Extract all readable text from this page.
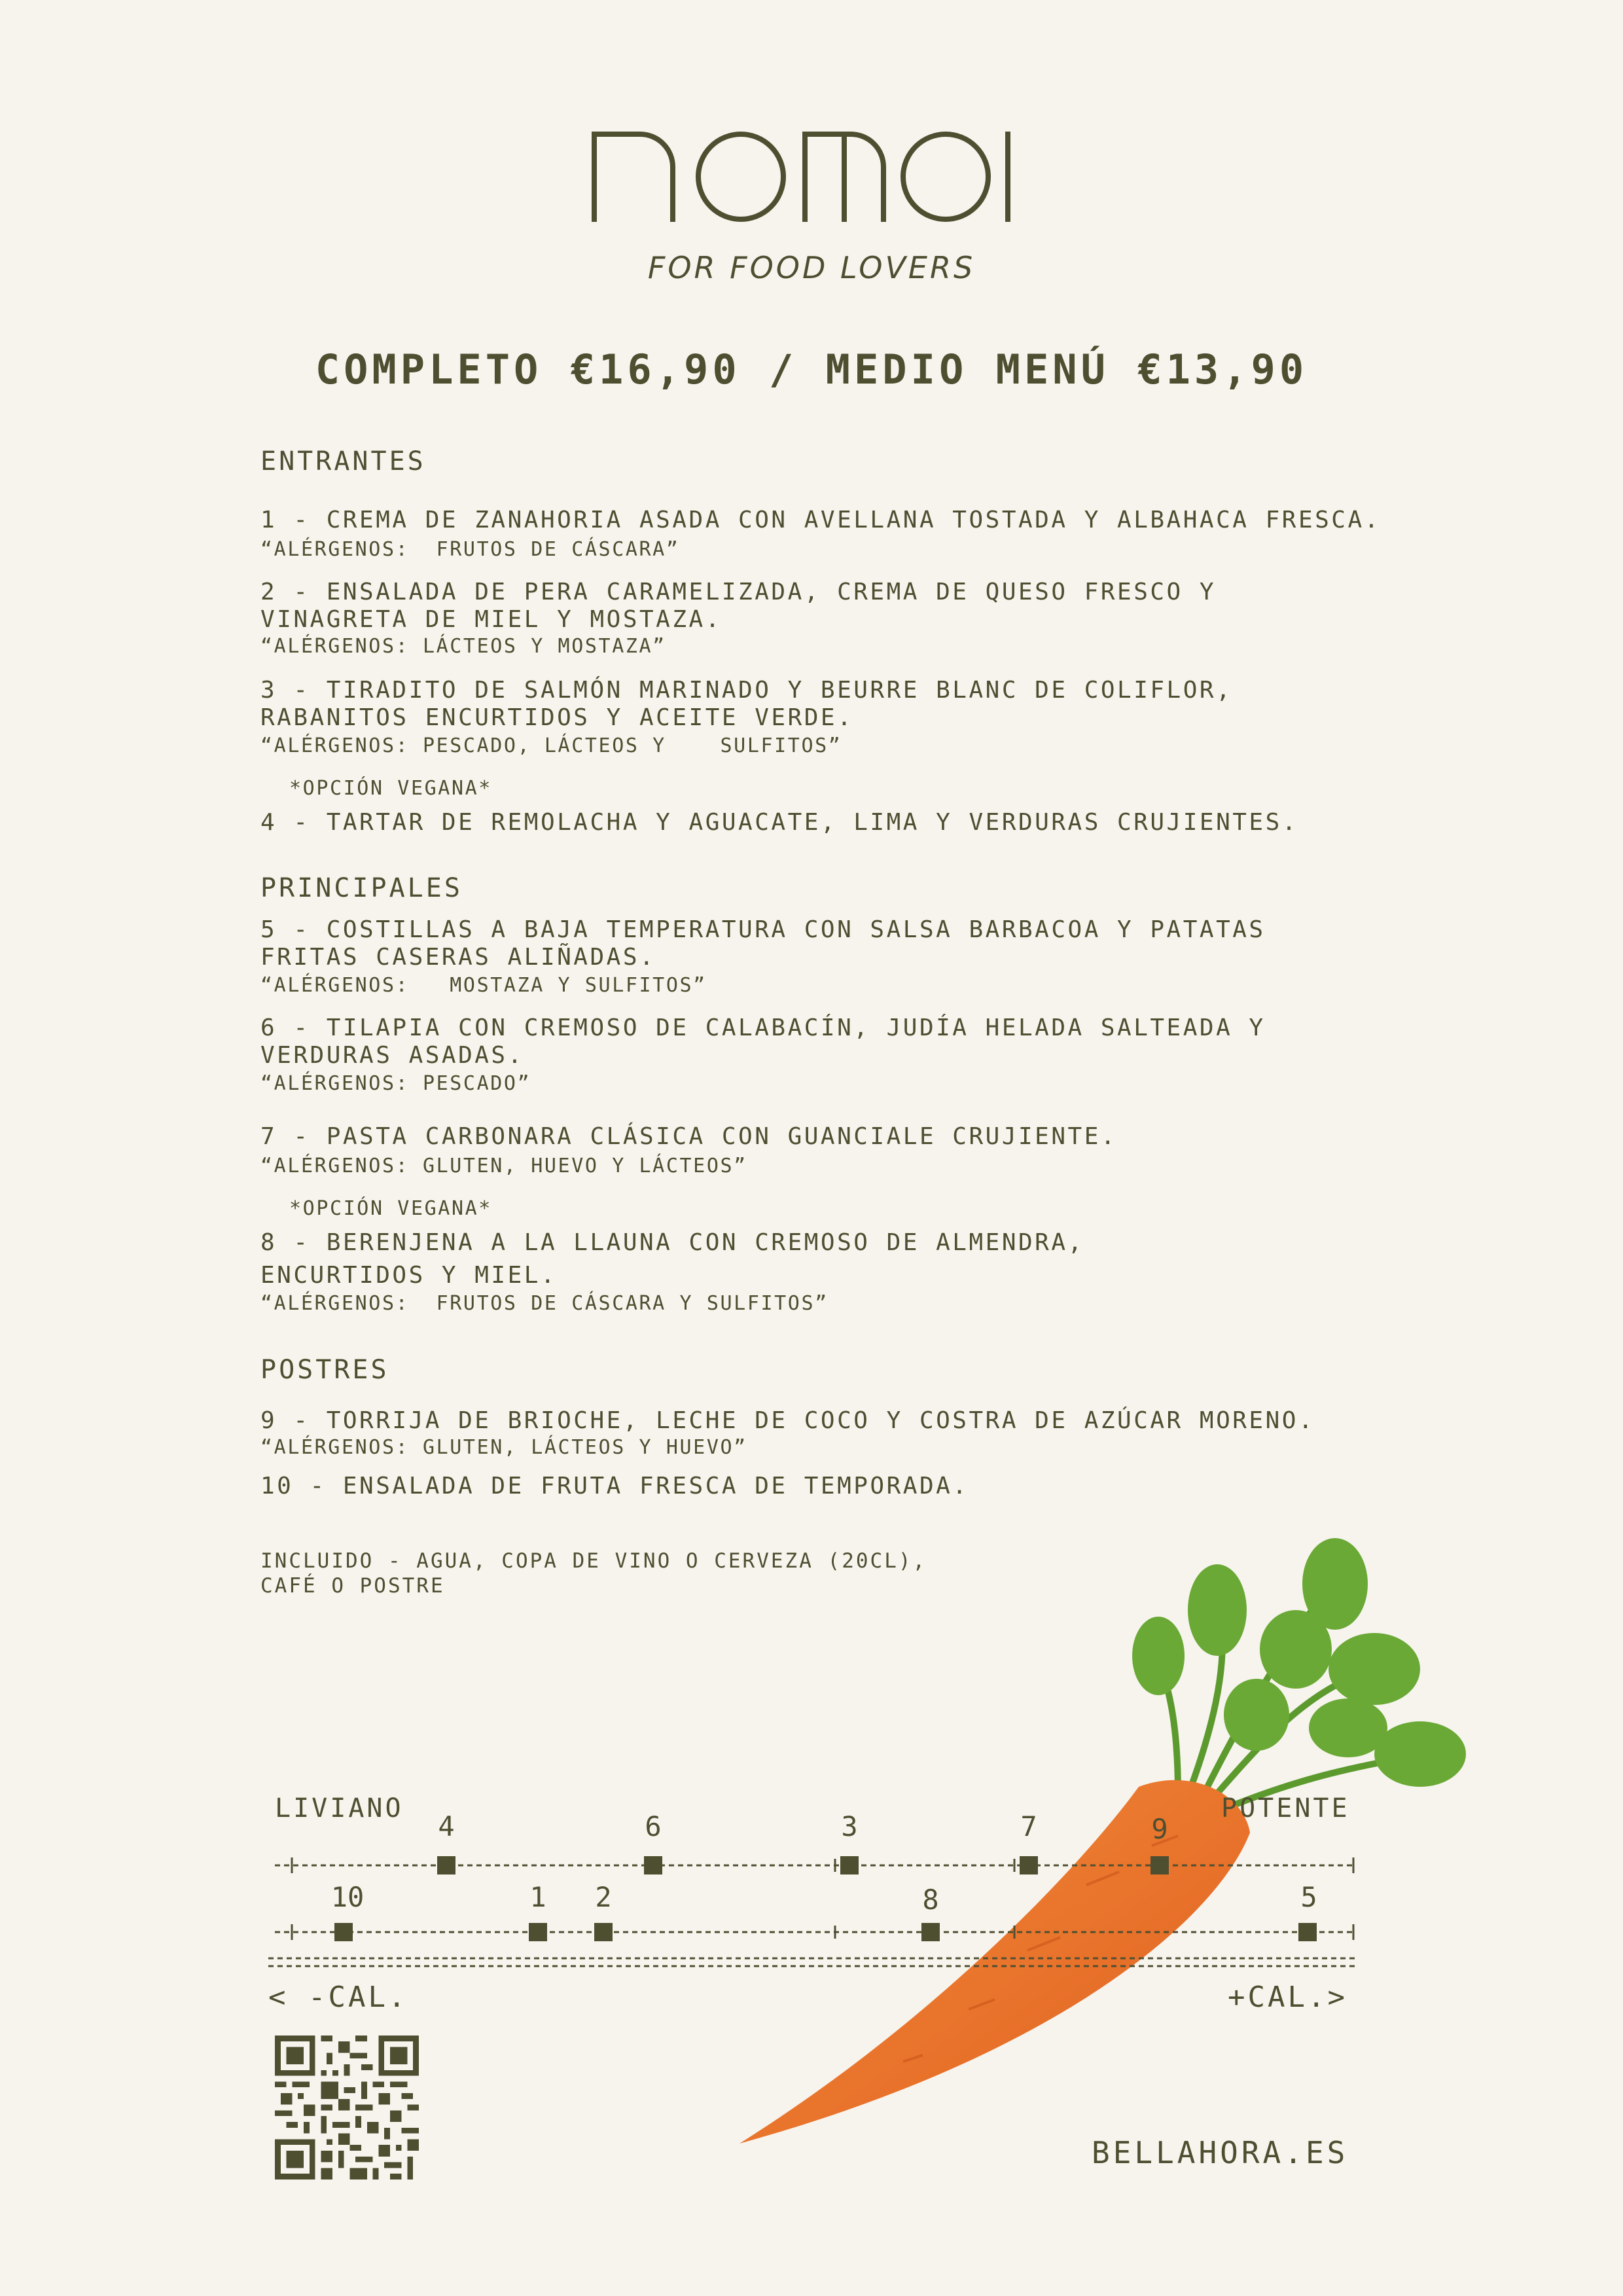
FOR FOOD LOVERS
COMPLETO €16,90 / MEDIO MENÚ €13,90
ENTRANTES
1 - CREMA DE ZANAHORIA ASADA CON AVELLANA TOSTADA Y ALBAHACA FRESCA.
“ALÉRGENOS:  FRUTOS DE CÁSCARA”
2 - ENSALADA DE PERA CARAMELIZADA, CREMA DE QUESO FRESCO Y
VINAGRETA DE MIEL Y MOSTAZA.
“ALÉRGENOS: LÁCTEOS Y MOSTAZA”
3 - TIRADITO DE SALMÓN MARINADO Y BEURRE BLANC DE COLIFLOR,
RABANITOS ENCURTIDOS Y ACEITE VERDE.
“ALÉRGENOS: PESCADO, LÁCTEOS Y    SULFITOS”
*OPCIÓN VEGANA*
4 - TARTAR DE REMOLACHA Y AGUACATE, LIMA Y VERDURAS CRUJIENTES.
PRINCIPALES
5 - COSTILLAS A BAJA TEMPERATURA CON SALSA BARBACOA Y PATATAS
FRITAS CASERAS ALIÑADAS.
“ALÉRGENOS:   MOSTAZA Y SULFITOS”
6 - TILAPIA CON CREMOSO DE CALABACÍN, JUDÍA HELADA SALTEADA Y
VERDURAS ASADAS.
“ALÉRGENOS: PESCADO”
7 - PASTA CARBONARA CLÁSICA CON GUANCIALE CRUJIENTE.
“ALÉRGENOS: GLUTEN, HUEVO Y LÁCTEOS”
*OPCIÓN VEGANA*
8 - BERENJENA A LA LLAUNA CON CREMOSO DE ALMENDRA,
ENCURTIDOS Y MIEL.
“ALÉRGENOS:  FRUTOS DE CÁSCARA Y SULFITOS”
POSTRES
9 - TORRIJA DE BRIOCHE, LECHE DE COCO Y COSTRA DE AZÚCAR MORENO.
“ALÉRGENOS: GLUTEN, LÁCTEOS Y HUEVO”
10 - ENSALADA DE FRUTA FRESCA DE TEMPORADA.
INCLUIDO - AGUA, COPA DE VINO O CERVEZA (20CL),
CAFÉ O POSTRE
LIVIANO	POTENTE
4	6	3	7	9
10	1	2	8	5
< -CAL.	+CAL.>
BELLAHORA.ES
